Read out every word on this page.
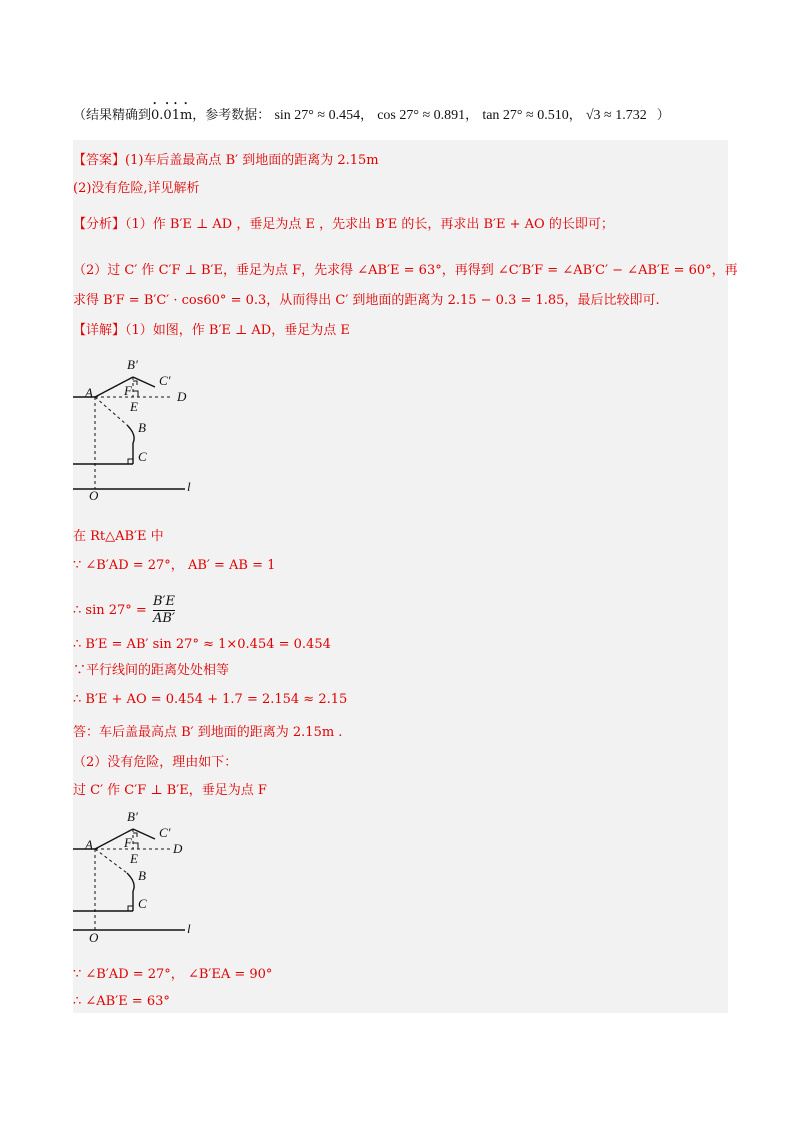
（结果精确到0.01m，参考数据： sin 27° ≈ 0.454， cos 27° ≈ 0.891， tan 27° ≈ 0.510， √3 ≈ 1.732 ）
【答案】(1)车后盖最高点 B′ 到地面的距离为 2.15m
(2)没有危险,详见解析
【分析】（1）作 B′E ⊥ AD ，垂足为点 E ，先求出 B′E 的长，再求出 B′E + AO 的长即可；
（2）过 C′ 作 C′F ⊥ B′E，垂足为点 F，先求得 ∠AB′E = 63°，再得到 ∠C′B′F = ∠AB′C′ − ∠AB′E = 60°，再
求得 B′F = B′C′ · cos60° = 0.3，从而得出 C′ 到地面的距离为 2.15 − 0.3 = 1.85，最后比较即可.
【详解】（1）如图，作 B′E ⊥ AD，垂足为点 E
B′
A
C′
D
F
E
B
C
O
l
在 Rt△AB′E 中
∵ ∠B′AD = 27°， AB′ = AB = 1
∴ $\sin 27^\circ = \frac{B'E}{AB'}$
∴ B′E = AB′ sin 27° ≈ 1×0.454 = 0.454
∵平行线间的距离处处相等
∴ B′E + AO = 0.454 + 1.7 = 2.154 ≈ 2.15
答：车后盖最高点 B′ 到地面的距离为 2.15m .
（2）没有危险，理由如下：
过 C′ 作 C′F ⊥ B′E，垂足为点 F
B′
A
C′
D
F
E
B
C
O
l
∵ ∠B′AD = 27°， ∠B′EA = 90°
∴ ∠AB′E = 63°
